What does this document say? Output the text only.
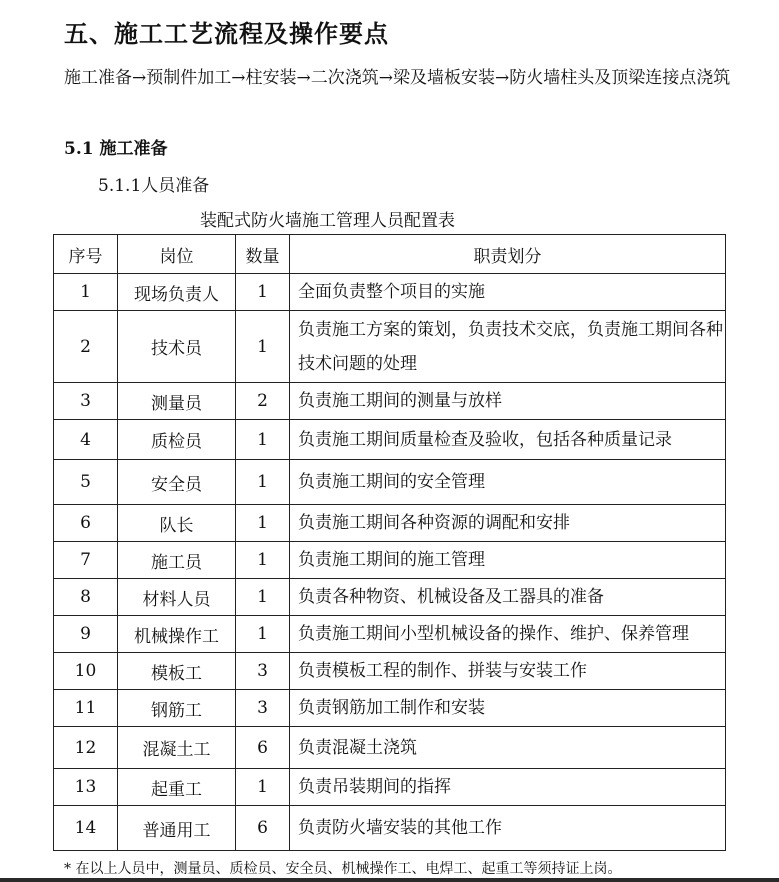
五、施工工艺流程及操作要点
施工准备→预制件加工→柱安装→二次浇筑→梁及墙板安装→防火墙柱头及顶梁连接点浇筑
5.1 施工准备
5.1.1人员准备
装配式防火墙施工管理人员配置表
序号	岗位	数量	职责划分
1	现场负责人	1	全面负责整个项目的实施
2	技术员	1	负责施工方案的策划，负责技术交底，负责施工期间各种技术问题的处理
3	测量员	2	负责施工期间的测量与放样
4	质检员	1	负责施工期间质量检查及验收，包括各种质量记录
5	安全员	1	负责施工期间的安全管理
6	队长	1	负责施工期间各种资源的调配和安排
7	施工员	1	负责施工期间的施工管理
8	材料人员	1	负责各种物资、机械设备及工器具的准备
9	机械操作工	1	负责施工期间小型机械设备的操作、维护、保养管理
10	模板工	3	负责模板工程的制作、拼装与安装工作
11	钢筋工	3	负责钢筋加工制作和安装
12	混凝土工	6	负责混凝土浇筑
13	起重工	1	负责吊装期间的指挥
14	普通用工	6	负责防火墙安装的其他工作
* 在以上人员中，测量员、质检员、安全员、机械操作工、电焊工、起重工等须持证上岗。
